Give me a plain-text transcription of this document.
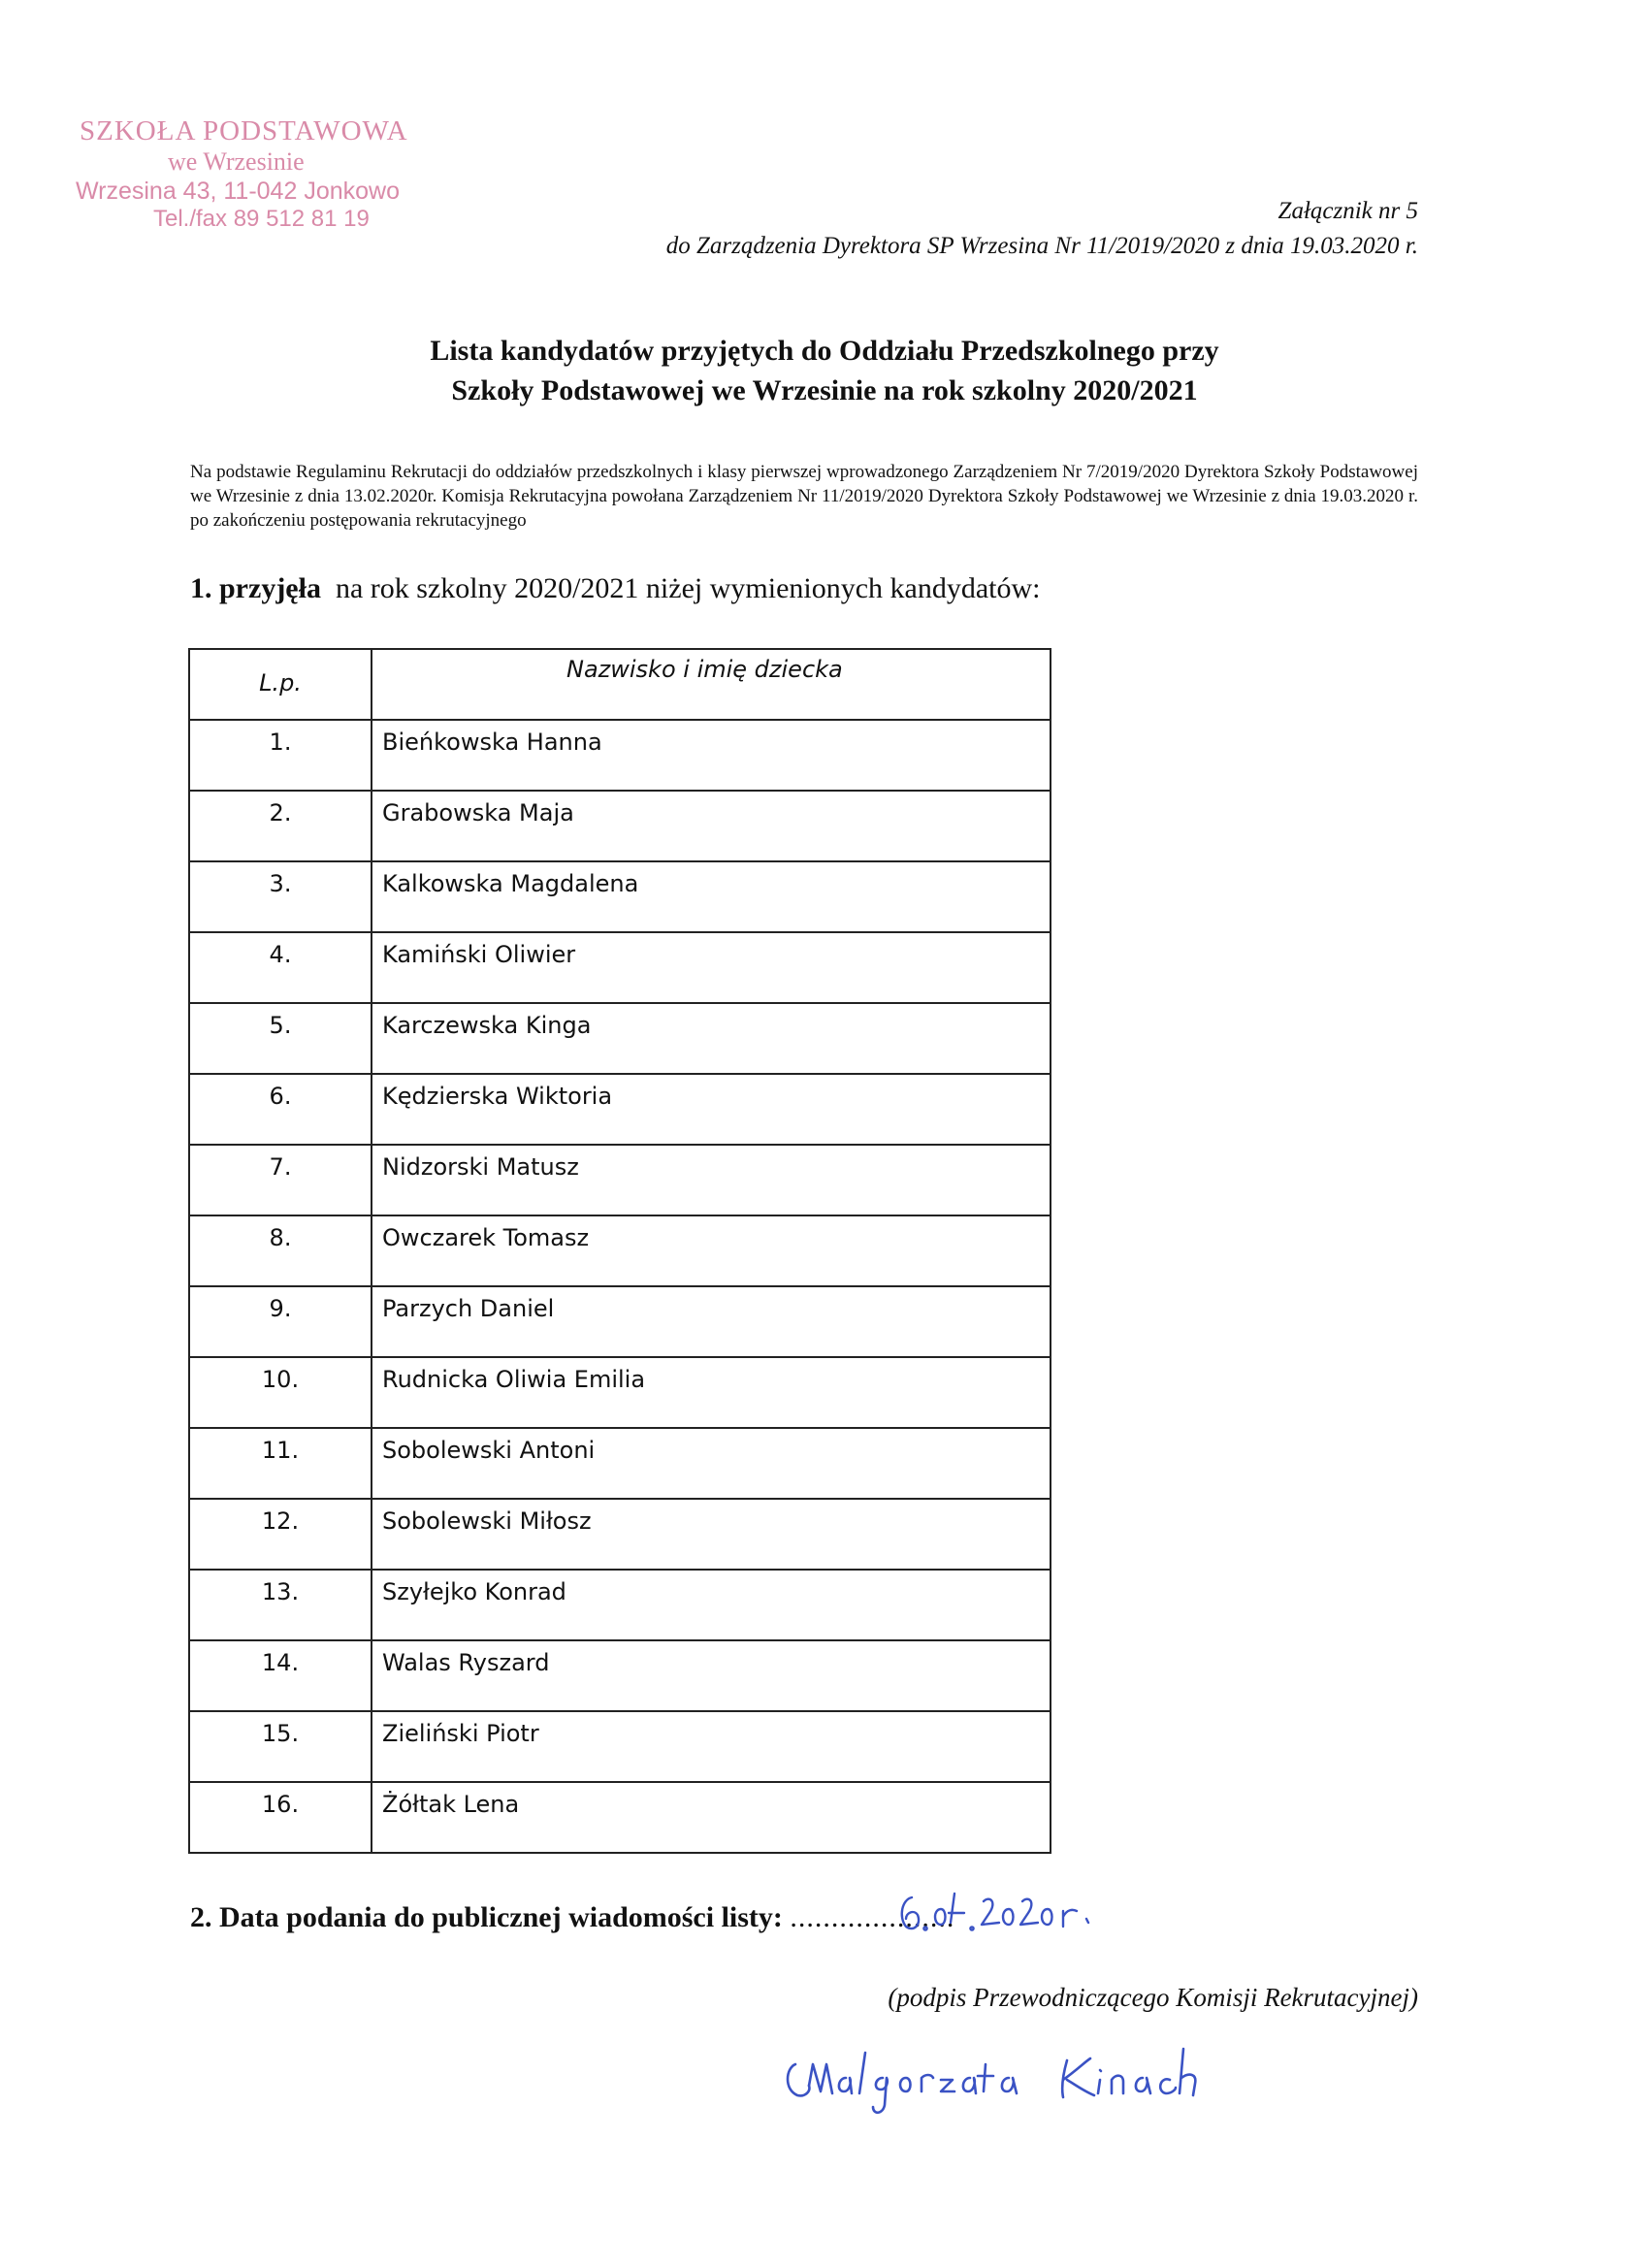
SZKOŁA PODSTAWOWA
we Wrzesinie
Wrzesina 43, 11-042 Jonkowo
Tel./fax 89 512 81 19	Załącznik nr 5
do Zarządzenia Dyrektora SP Wrzesina Nr 11/2019/2020 z dnia 19.03.2020 r.
Lista kandydatów przyjętych do Oddziału Przedszkolnego przy
Szkoły Podstawowej we Wrzesinie na rok szkolny 2020/2021
Na podstawie Regulaminu Rekrutacji do oddziałów przedszkolnych i klasy pierwszej wprowadzonego Zarządzeniem Nr 7/2019/2020 Dyrektora Szkoły Podstawowej we Wrzesinie z dnia 13.02.2020r. Komisja Rekrutacyjna powołana Zarządzeniem Nr 11/2019/2020 Dyrektora Szkoły Podstawowej we Wrzesinie z dnia 19.03.2020 r. po zakończeniu postępowania rekrutacyjnego
1. przyjęła  na rok szkolny 2020/2021 niżej wymienionych kandydatów:
L.p.	Nazwisko i imię dziecka
1.	Bieńkowska Hanna
2.	Grabowska Maja
3.	Kalkowska Magdalena
4.	Kamiński Oliwier
5.	Karczewska Kinga
6.	Kędzierska Wiktoria
7.	Nidzorski Matusz
8.	Owczarek Tomasz
9.	Parzych Daniel
10.	Rudnicka Oliwia Emilia
11.	Sobolewski Antoni
12.	Sobolewski Miłosz
13.	Szyłejko Konrad
14.	Walas Ryszard
15.	Zieliński Piotr
16.	Żółtak Lena
2. Data podania do publicznej wiadomości listy: ....................
(podpis Przewodniczącego Komisji Rekrutacyjnej)
